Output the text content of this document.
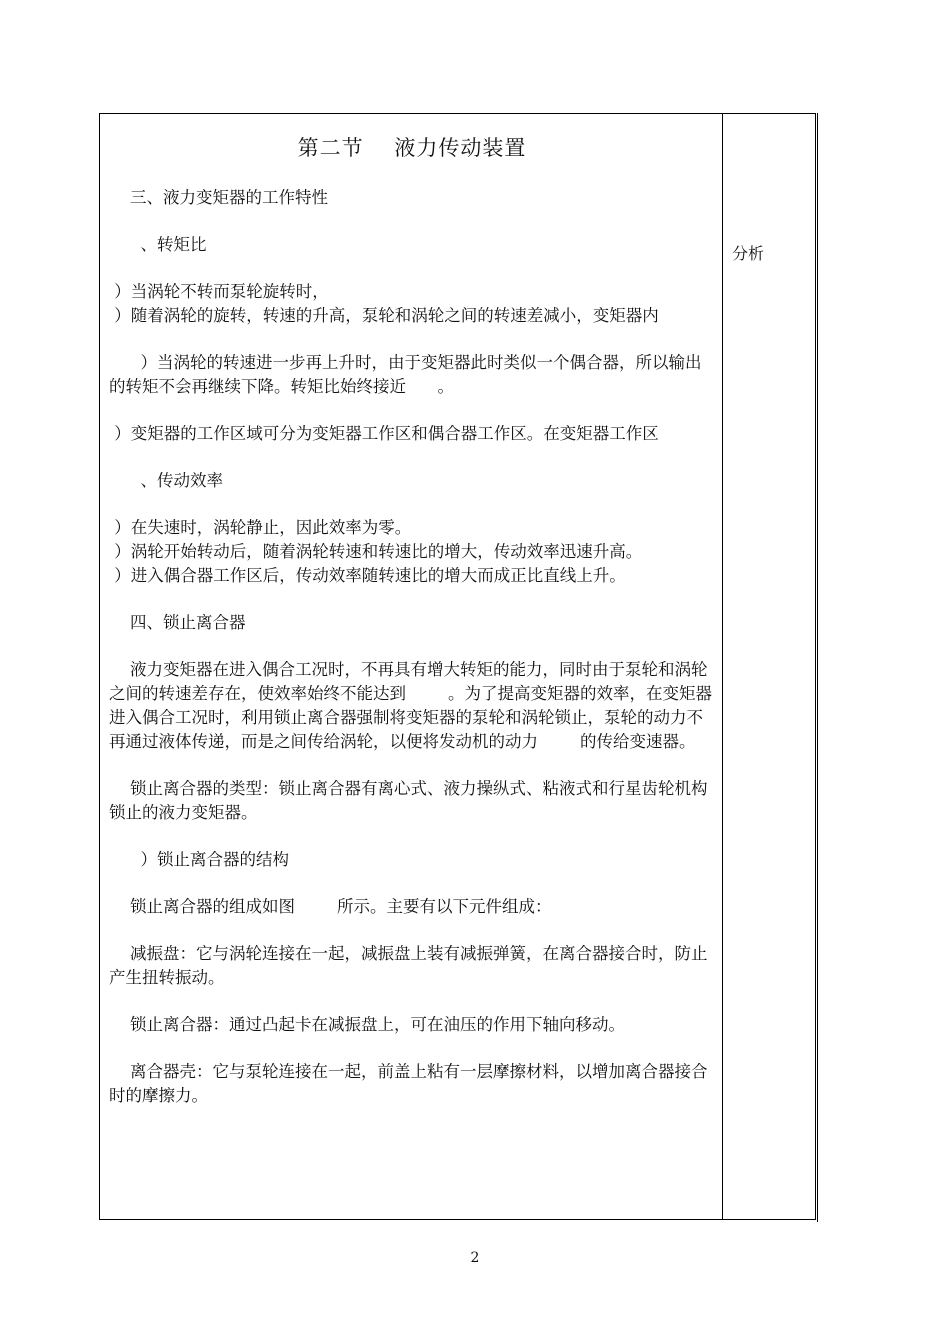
第二节    液力传动装置

三、液力变矩器的工作特性

、转矩比

）当涡轮不转而泵轮旋转时，
）随着涡轮的旋转，转速的升高，泵轮和涡轮之间的转速差减小，变矩器内

）当涡轮的转速进一步再上升时，由于变矩器此时类似一个偶合器，所以输出的转矩不会再继续下降。转矩比始终接近      。

）变矩器的工作区域可分为变矩器工作区和偶合器工作区。在变矩器工作区

、传动效率

）在失速时，涡轮静止，因此效率为零。
）涡轮开始转动后，随着涡轮转速和转速比的增大，传动效率迅速升高。
）进入偶合器工作区后，传动效率随转速比的增大而成正比直线上升。

四、锁止离合器

液力变矩器在进入偶合工况时，不再具有增大转矩的能力，同时由于泵轮和涡轮之间的转速差存在，使效率始终不能达到        。为了提高变矩器的效率，在变矩器进入偶合工况时，利用锁止离合器强制将变矩器的泵轮和涡轮锁止，泵轮的动力不再通过液体传递，而是之间传给涡轮，以便将发动机的动力        的传给变速器。

锁止离合器的类型：锁止离合器有离心式、液力操纵式、粘液式和行星齿轮机构锁止的液力变矩器。

）锁止离合器的结构

锁止离合器的组成如图        所示。主要有以下元件组成：

减振盘：它与涡轮连接在一起，减振盘上装有减振弹簧，在离合器接合时，防止产生扭转振动。

锁止离合器：通过凸起卡在减振盘上，可在油压的作用下轴向移动。

离合器壳：它与泵轮连接在一起，前盖上粘有一层摩擦材料，以增加离合器接合时的摩擦力。

分析
2
